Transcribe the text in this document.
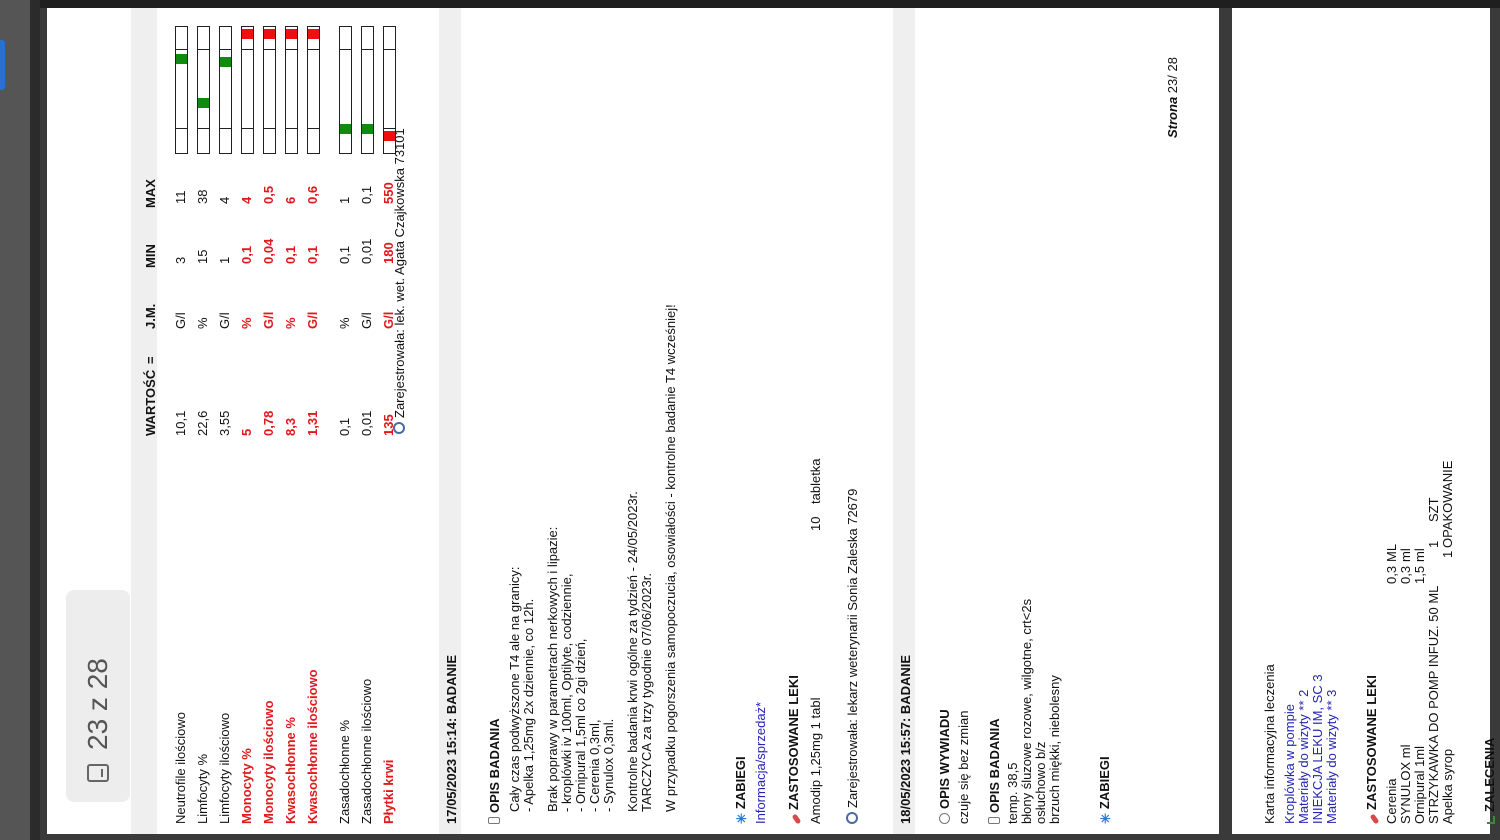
WARTOŚĆ
=
J.M.
MIN
MAX
Neutrofile ilościowo
10,1
G/l
3
11
Limfocyty %
22,6
%
15
38
Limfocyty ilościowo
3,55
G/l
1
4
Monocyty %
5
%
0,1
4
Monocyty ilościowo
0,78
G/l
0,04
0,5
Kwasochłonne %
8,3
%
0,1
6
Kwasochłonne ilościowo
1,31
G/l
0,1
0,6
Zasadochłonne %
0,1
%
0,1
1
Zasadochłonne ilościowo
0,01
G/l
0,01
0,1
Płytki krwi
135
G/l
180
550
Zarejestrowała: lek. wet. Agata Czajkowska 73101
17/05/2023 15:14: BADANIE OPIS BADANIA Cały czas podwyższone T4 ale na granicy: - Apelka 1,25mg 2x dziennie, co 12h. Brak poprawy w parametrach nerkowych i lipazie: - kroplówki iv 100ml, Optilyte, codziennie, - Ornipural 1,5ml co 2gi dzień, - Cerenia 0,3ml, - Synulox 0,3ml. Kontrolne badania krwi ogólne za tydzień - 24/05/2023r. TARCZYCA za trzy tygodnie 07/06/2023r. W przypadku pogorszenia samopoczucia, osowiałości - kontrolne badanie T4 wcześniej!
✳ZABIEGI Informacja/sprzedaż* ZASTOSOWANE LEKI Amodip 1,25mg 1 tabl
10
tabletka
Zarejestrowała: lekarz weterynarii Sonia Zaleska 72679	18/05/2023 15:57: BADANIE OPIS WYWIADU czuje się bez zmian OPIS BADANIA temp. 38,5 błony śluzowe rozowe, wilgotne, crt<2s osłuchowo b/z brzuch miękki, niebolesny	✳ZABIEGI
Strona 23/ 28
Karta informacyjna leczenia Kroplówka w pompie Materiały do wizyty ** 2 INIEKCJA LEKU IM, SC 3 Materiały do wizyty ** 3 ZASTOSOWANE LEKI Cerenia
0,3
ML
SYNULOX ml
0,3
ml
Ornipural 1ml
1,5
ml
STRZYKAWKA DO POMP INFUZ. 50 ML
1
SZT
Apelka syrop
1
OPAKOWANIE
ZALECENIA
23 z 28
